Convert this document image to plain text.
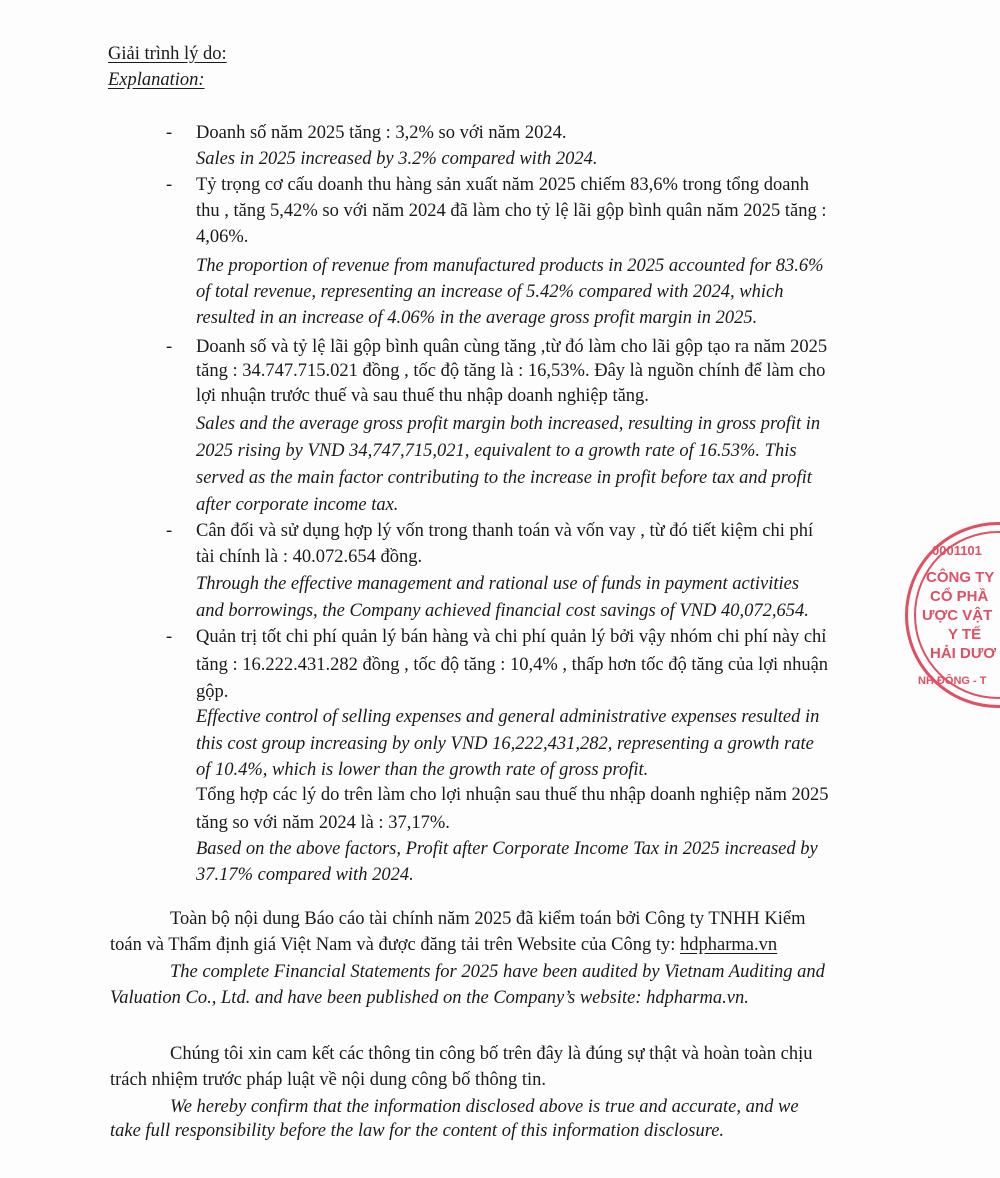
Giải trình lý do:
Explanation:
- Doanh số năm 2025 tăng : 3,2% so với năm 2024.
Sales in 2025 increased by 3.2% compared with 2024.
- Tỷ trọng cơ cấu doanh thu hàng sản xuất năm 2025 chiếm 83,6% trong tổng doanh
thu , tăng 5,42% so với năm 2024 đã làm cho tỷ lệ lãi gộp bình quân năm 2025 tăng :
4,06%.
The proportion of revenue from manufactured products in 2025 accounted for 83.6%
of total revenue, representing an increase of 5.42% compared with 2024, which
resulted in an increase of 4.06% in the average gross profit margin in 2025.
- Doanh số và tỷ lệ lãi gộp bình quân cùng tăng ,từ đó làm cho lãi gộp tạo ra năm 2025
tăng : 34.747.715.021 đồng , tốc độ tăng là : 16,53%. Đây là nguồn chính để làm cho
lợi nhuận trước thuế và sau thuế thu nhập doanh nghiệp tăng.
Sales and the average gross profit margin both increased, resulting in gross profit in
2025 rising by VND 34,747,715,021, equivalent to a growth rate of 16.53%. This
served as the main factor contributing to the increase in profit before tax and profit
after corporate income tax.
- Cân đối và sử dụng hợp lý vốn trong thanh toán và vốn vay , từ đó tiết kiệm chi phí
tài chính là : 40.072.654 đồng.
Through the effective management and rational use of funds in payment activities
and borrowings, the Company achieved financial cost savings of VND 40,072,654.
- Quản trị tốt chi phí quản lý bán hàng và chi phí quản lý bởi vậy nhóm chi phí này chỉ
tăng : 16.222.431.282 đồng , tốc độ tăng : 10,4% , thấp hơn tốc độ tăng của lợi nhuận
gộp.
Effective control of selling expenses and general administrative expenses resulted in
this cost group increasing by only VND 16,222,431,282, representing a growth rate
of 10.4%, which is lower than the growth rate of gross profit.
Tổng hợp các lý do trên làm cho lợi nhuận sau thuế thu nhập doanh nghiệp năm 2025
tăng so với năm 2024 là : 37,17%.
Based on the above factors, Profit after Corporate Income Tax in 2025 increased by
37.17% compared with 2024.
Toàn bộ nội dung Báo cáo tài chính năm 2025 đã kiểm toán bởi Công ty TNHH Kiểm
toán và Thẩm định giá Việt Nam và được đăng tải trên Website của Công ty: hdpharma.vn
The complete Financial Statements for 2025 have been audited by Vietnam Auditing and
Valuation Co., Ltd. and have been published on the Company’s website: hdpharma.vn.
Chúng tôi xin cam kết các thông tin công bố trên đây là đúng sự thật và hoàn toàn chịu
trách nhiệm trước pháp luật về nội dung công bố thông tin.
We hereby confirm that the information disclosed above is true and accurate, and we
take full responsibility before the law for the content of this information disclosure.
0001101
CÔNG TY
CỔ PHẦ
ƯỢC VẬT
Y TẾ
HẢI DƯƠ
NH ĐÔNG - T
